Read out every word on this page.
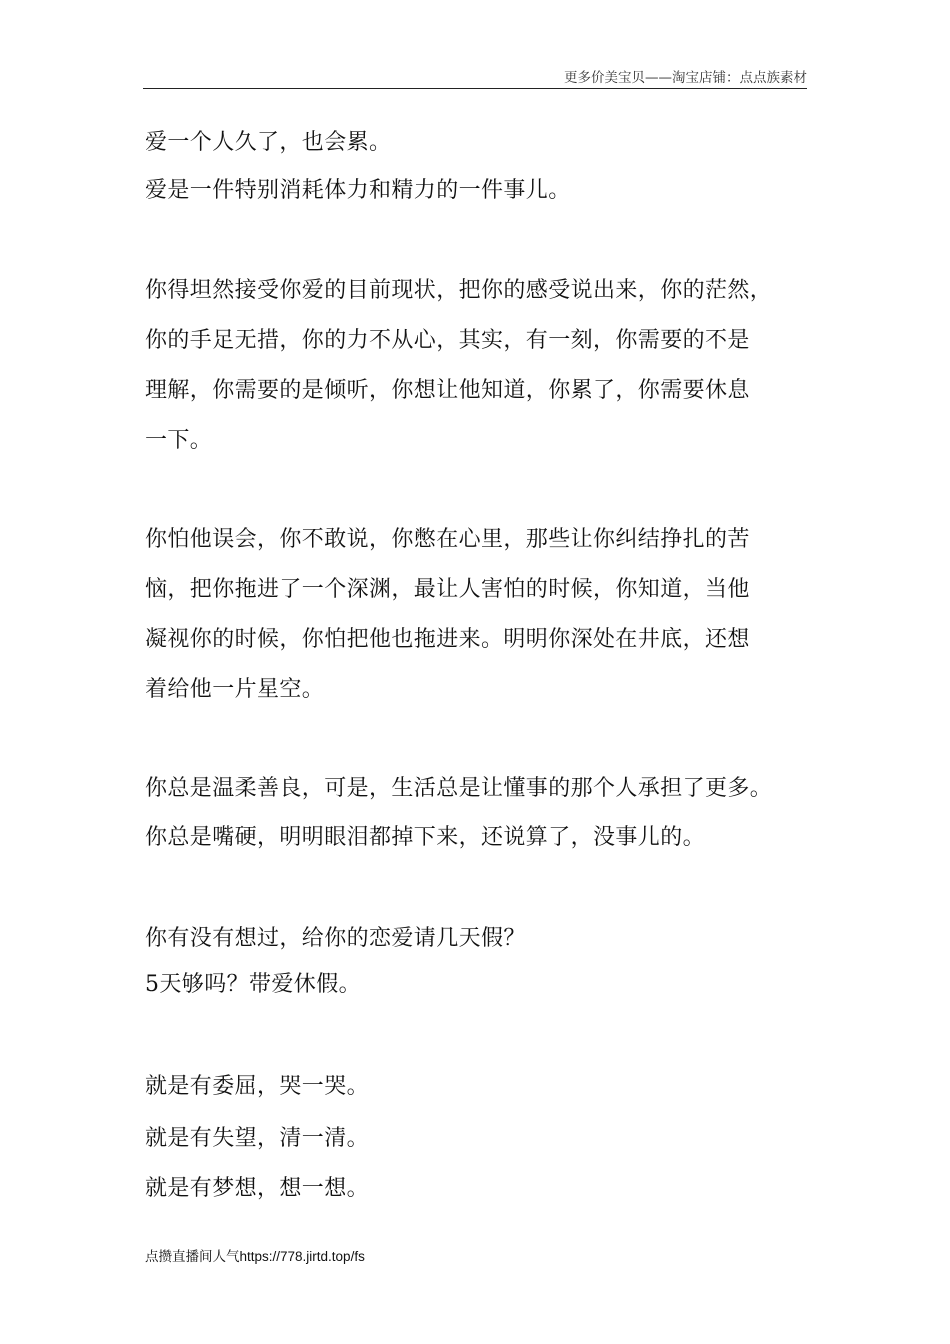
更多价美宝贝——淘宝店铺：点点族素材
爱一个人久了，也会累。
爱是一件特别消耗体力和精力的一件事儿。
你得坦然接受你爱的目前现状，把你的感受说出来，你的茫然，
你的手足无措，你的力不从心，其实，有一刻，你需要的不是
理解，你需要的是倾听，你想让他知道，你累了，你需要休息
一下。
你怕他误会，你不敢说，你憋在心里，那些让你纠结挣扎的苦
恼，把你拖进了一个深渊，最让人害怕的时候，你知道，当他
凝视你的时候，你怕把他也拖进来。明明你深处在井底，还想
着给他一片星空。
你总是温柔善良，可是，生活总是让懂事的那个人承担了更多。
你总是嘴硬，明明眼泪都掉下来，还说算了，没事儿的。
你有没有想过，给你的恋爱请几天假？
5天够吗？带爱休假。
就是有委屈，哭一哭。
就是有失望，清一清。
就是有梦想，想一想。
点攒直播间人气https://778.jirtd.top/fs
